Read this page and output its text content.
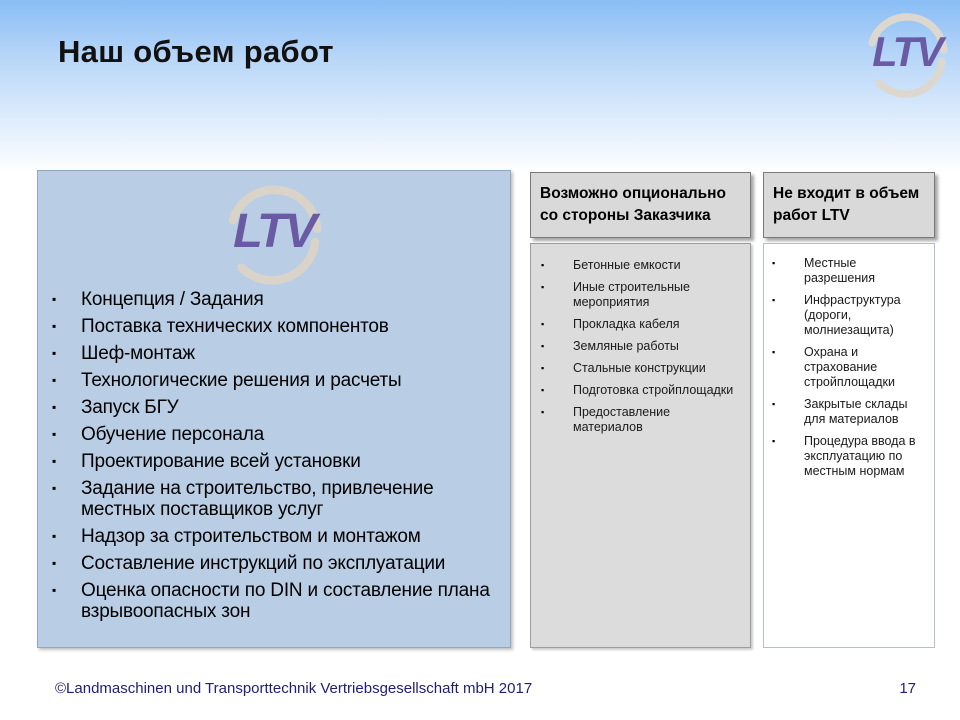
Наш объем работ	LTV
LTV
▪	Концепция / Задания
▪	Поставка технических компонентов
▪	Шеф-монтаж
▪	Технологические решения и расчеты
▪	Запуск БГУ
▪	Обучение персонала
▪	Проектирование всей установки
▪	Задание на строительство, привлечение местных поставщиков услуг
▪	Надзор за строительством и монтажом
▪	Составление инструкций по эксплуатации
▪	Оценка опасности по DIN и составление плана взрывоопасных зон
Возможно опционально со стороны Заказчика
▪	Бетонные емкости
▪	Иные строительные мероприятия
▪	Прокладка кабеля
▪	Земляные работы
▪	Стальные конструкции
▪	Подготовка стройплощадки
▪	Предоставление материалов
Не входит в объем работ LTV
▪	Местные разрешения
▪	Инфраструктура (дороги, молниезащита)
▪	Охрана и страхование стройплощадки
▪	Закрытые склады для материалов
▪	Процедура ввода в эксплуатацию по местным нормам
©Landmaschinen und Transporttechnik Vertriebsgesellschaft mbH 2017	17
